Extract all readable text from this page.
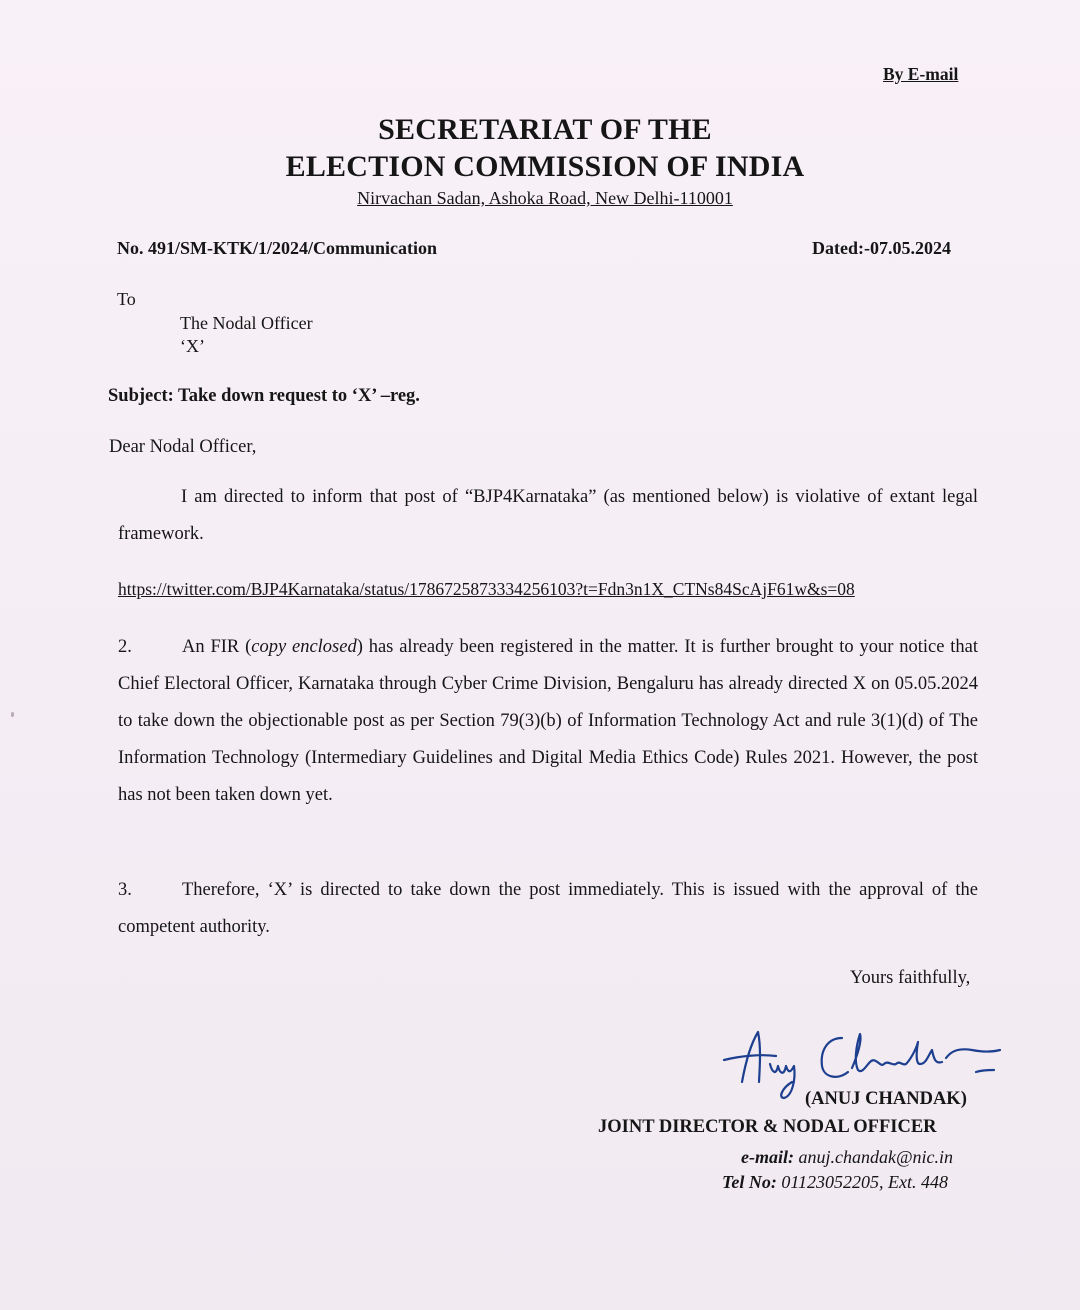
By E-mail
SECRETARIAT OF THE
ELECTION COMMISSION OF INDIA
Nirvachan Sadan, Ashoka Road, New Delhi-110001
No. 491/SM-KTK/1/2024/Communication	Dated:-07.05.2024
To
The Nodal Officer
‘X’
Subject: Take down request to ‘X’ –reg.
Dear Nodal Officer,
I am directed to inform that post of “BJP4Karnataka” (as mentioned below) is violative of extant legal framework.
https://twitter.com/BJP4Karnataka/status/1786725873334256103?t=Fdn3n1X_CTNs84ScAjF61w&s=08
2.	An FIR (copy enclosed) has already been registered in the matter. It is further brought to your notice that Chief Electoral Officer, Karnataka through Cyber Crime Division, Bengaluru has already directed X on 05.05.2024 to take down the objectionable post as per Section 79(3)(b) of Information Technology Act and rule 3(1)(d) of The Information Technology (Intermediary Guidelines and Digital Media Ethics Code) Rules 2021. However, the post has not been taken down yet.
3.	Therefore, ‘X’ is directed to take down the post immediately. This is issued with the approval of the competent authority.
Yours faithfully,
(ANUJ CHANDAK)
JOINT DIRECTOR & NODAL OFFICER
e-mail: anuj.chandak@nic.in
Tel No: 01123052205, Ext. 448
